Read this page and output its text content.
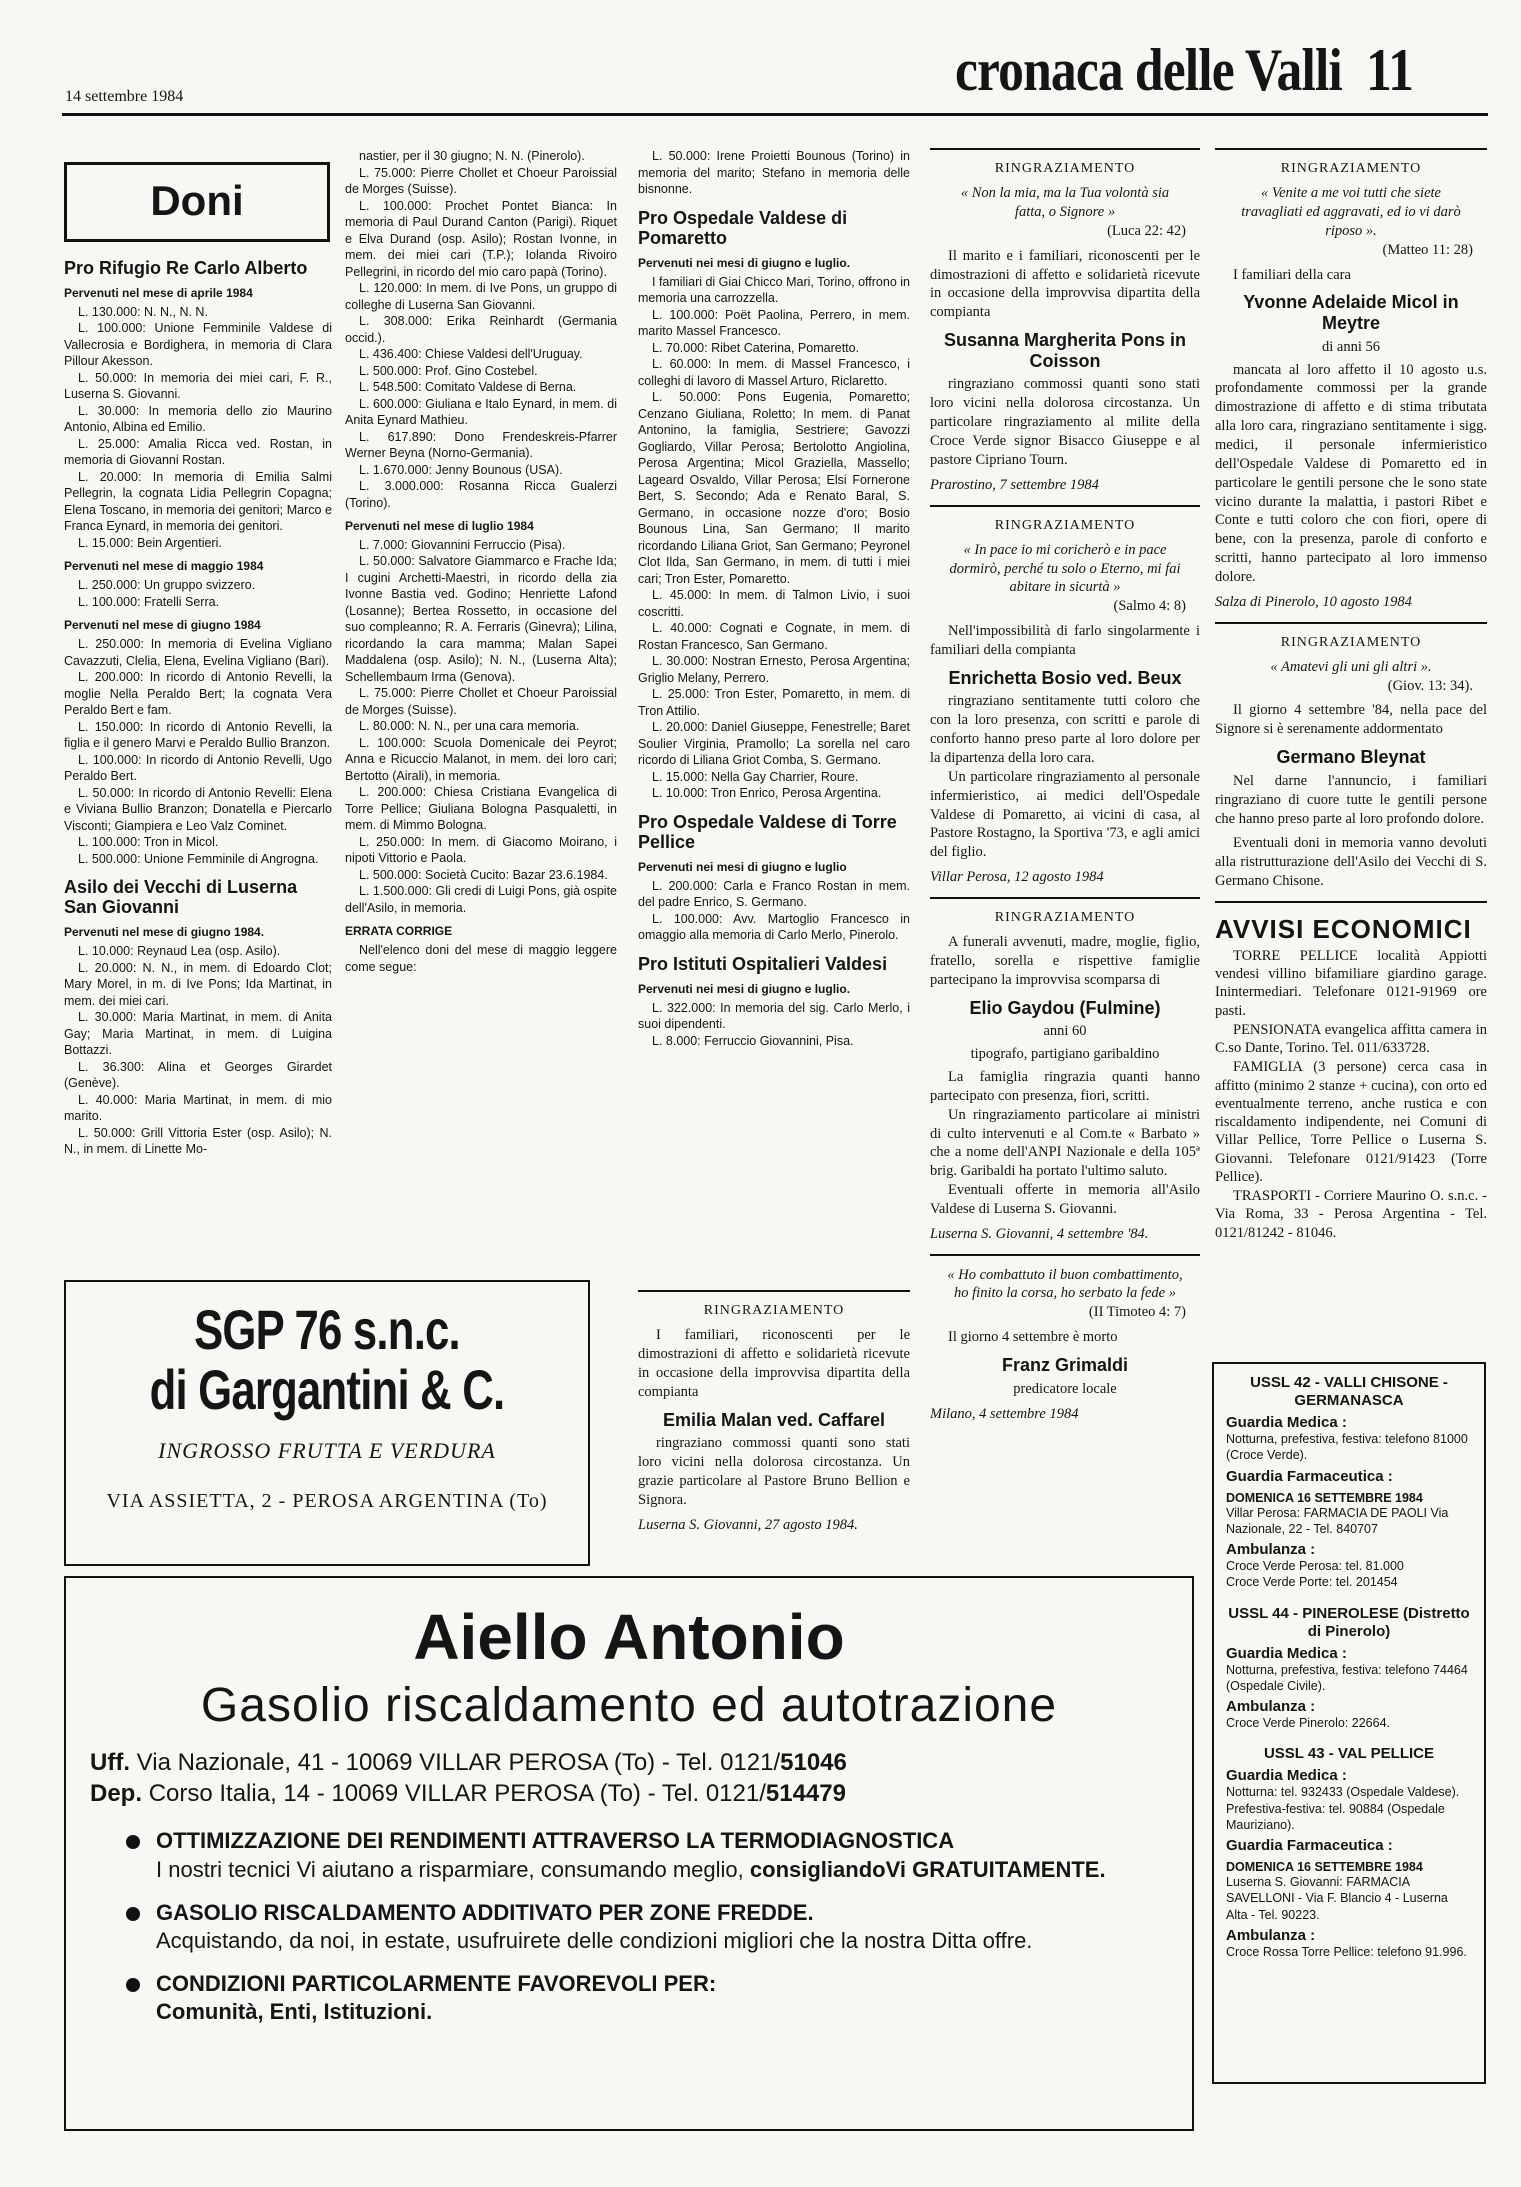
14 settembre 1984	cronaca delle Valli 11
Doni
Pro Rifugio Re Carlo Alberto
Pervenuti nel mese di aprile 1984

L. 130.000: N. N., N. N.

L. 100.000: Unione Femminile Valdese di Vallecrosia e Bordighera, in memoria di Clara Pillour Akesson.

L. 50.000: In memoria dei miei cari, F. R., Luserna S. Giovanni.

L. 30.000: In memoria dello zio Maurino Antonio, Albina ed Emilio.

L. 25.000: Amalia Ricca ved. Rostan, in memoria di Giovanni Rostan.

L. 20.000: In memoria di Emilia Salmi Pellegrin, la cognata Lidia Pellegrin Copagna; Elena Toscano, in memoria dei genitori; Marco e Franca Eynard, in memoria dei genitori.

L. 15.000: Bein Argentieri.

Pervenuti nel mese di maggio 1984

L. 250.000: Un gruppo svizzero.

L. 100.000: Fratelli Serra.

Pervenuti nel mese di giugno 1984

L. 250.000: In memoria di Evelina Vigliano Cavazzuti, Clelia, Elena, Evelina Vigliano (Bari).

L. 200.000: In ricordo di Antonio Revelli, la moglie Nella Peraldo Bert; la cognata Vera Peraldo Bert e fam.

L. 150.000: In ricordo di Antonio Revelli, la figlia e il genero Marvi e Peraldo Bullio Branzon.

L. 100.000: In ricordo di Antonio Revelli, Ugo Peraldo Bert.

L. 50.000: In ricordo di Antonio Revelli: Elena e Viviana Bullio Branzon; Donatella e Piercarlo Visconti; Giampiera e Leo Valz Cominet.

L. 100.000: Tron in Micol.

L. 500.000: Unione Femminile di Angrogna.

Asilo dei Vecchi di Luserna San Giovanni
Pervenuti nel mese di giugno 1984.

L. 10.000: Reynaud Lea (osp. Asilo).

L. 20.000: N. N., in mem. di Edoardo Clot; Mary Morel, in m. di Ive Pons; Ida Martinat, in mem. dei miei cari.

L. 30.000: Maria Martinat, in mem. di Anita Gay; Maria Martinat, in mem. di Luigina Bottazzi.

L. 36.300: Alina et Georges Girardet (Genève).

L. 40.000: Maria Martinat, in mem. di mio marito.

L. 50.000: Grill Vittoria Ester (osp. Asilo); N. N., in mem. di Linette Mo-

nastier, per il 30 giugno; N. N. (Pinerolo).

L. 75.000: Pierre Chollet et Choeur Paroissial de Morges (Suisse).

L. 100.000: Prochet Pontet Bianca: In memoria di Paul Durand Canton (Parigi). Riquet e Elva Durand (osp. Asilo); Rostan Ivonne, in mem. dei miei cari (T.P.); Iolanda Rivoiro Pellegrini, in ricordo del mio caro papà (Torino).

L. 120.000: In mem. di Ive Pons, un gruppo di colleghe di Luserna San Giovanni.

L. 308.000: Erika Reinhardt (Germania occid.).

L. 436.400: Chiese Valdesi dell'Uruguay.

L. 500.000: Prof. Gino Costebel.

L. 548.500: Comitato Valdese di Berna.

L. 600.000: Giuliana e Italo Eynard, in mem. di Anita Eynard Mathieu.

L. 617.890: Dono Frendeskreis-Pfarrer Werner Beyna (Norno-Germania).

L. 1.670.000: Jenny Bounous (USA).

L. 3.000.000: Rosanna Ricca Gualerzi (Torino).

Pervenuti nel mese di luglio 1984

L. 7.000: Giovannini Ferruccio (Pisa).

L. 50.000: Salvatore Giammarco e Frache Ida; I cugini Archetti-Maestri, in ricordo della zia Ivonne Bastia ved. Godino; Henriette Lafond (Losanne); Bertea Rossetto, in occasione del suo compleanno; R. A. Ferraris (Ginevra); Lilina, ricordando la cara mamma; Malan Sapei Maddalena (osp. Asilo); N. N., (Luserna Alta); Schellembaum Irma (Genova).

L. 75.000: Pierre Chollet et Choeur Paroissial de Morges (Suisse).

L. 80.000: N. N., per una cara memoria.

L. 100.000: Scuola Domenicale dei Peyrot; Anna e Ricuccio Malanot, in mem. dei loro cari; Bertotto (Airali), in memoria.

L. 200.000: Chiesa Cristiana Evangelica di Torre Pellice; Giuliana Bologna Pasqualetti, in mem. di Mimmo Bologna.

L. 250.000: In mem. di Giacomo Moirano, i nipoti Vittorio e Paola.

L. 500.000: Società Cucito: Bazar 23.6.1984.

L. 1.500.000: Gli credi di Luigi Pons, già ospite dell'Asilo, in memoria.

ERRATA CORRIGE

Nell'elenco doni del mese di maggio leggere come segue:

L. 50.000: Irene Proietti Bounous (Torino) in memoria del marito; Stefano in memoria delle bisnonne.

Pro Ospedale Valdese di Pomaretto
Pervenuti nei mesi di giugno e luglio.

I familiari di Giai Chicco Mari, Torino, offrono in memoria una carrozzella.

L. 100.000: Poët Paolina, Perrero, in mem. marito Massel Francesco.

L. 70.000: Ribet Caterina, Pomaretto.

L. 60.000: In mem. di Massel Francesco, i colleghi di lavoro di Massel Arturo, Riclaretto.

L. 50.000: Pons Eugenia, Pomaretto; Cenzano Giuliana, Roletto; In mem. di Panat Antonino, la famiglia, Sestriere; Gavozzi Gogliardo, Villar Perosa; Bertolotto Angiolina, Perosa Argentina; Micol Graziella, Massello; Lageard Osvaldo, Villar Perosa; Elsi Fornerone Bert, S. Secondo; Ada e Renato Baral, S. Germano, in occasione nozze d'oro; Bosio Bounous Lina, San Germano; Il marito ricordando Liliana Griot, San Germano; Peyronel Clot Ilda, San Germano, in mem. di tutti i miei cari; Tron Ester, Pomaretto.

L. 45.000: In mem. di Talmon Livio, i suoi coscritti.

L. 40.000: Cognati e Cognate, in mem. di Rostan Francesco, San Germano.

L. 30.000: Nostran Ernesto, Perosa Argentina; Griglio Melany, Perrero.

L. 25.000: Tron Ester, Pomaretto, in mem. di Tron Attilio.

L. 20.000: Daniel Giuseppe, Fenestrelle; Baret Soulier Virginia, Pramollo; La sorella nel caro ricordo di Liliana Griot Comba, S. Germano.

L. 15.000: Nella Gay Charrier, Roure.

L. 10.000: Tron Enrico, Perosa Argentina.

Pro Ospedale Valdese di Torre Pellice
Pervenuti nei mesi di giugno e luglio

L. 200.000: Carla e Franco Rostan in mem. del padre Enrico, S. Germano.

L. 100.000: Avv. Martoglio Francesco in omaggio alla memoria di Carlo Merlo, Pinerolo.

Pro Istituti Ospitalieri Valdesi
Pervenuti nei mesi di giugno e luglio.

L. 322.000: In memoria del sig. Carlo Merlo, i suoi dipendenti.

L. 8.000: Ferruccio Giovannini, Pisa.

RINGRAZIAMENTO
« Non la mia, ma la Tua volontà sia fatta, o Signore »
(Luca 22: 42)

Il marito e i familiari, riconoscenti per le dimostrazioni di affetto e solidarietà ricevute in occasione della improvvisa dipartita della compianta

Susanna Margherita Pons in Coisson

ringraziano commossi quanti sono stati loro vicini nella dolorosa circostanza. Un particolare ringraziamento al milite della Croce Verde signor Bisacco Giuseppe e al pastore Cipriano Tourn.

Prarostino, 7 settembre 1984
RINGRAZIAMENTO
« In pace io mi coricherò e in pace dormirò, perché tu solo o Eterno, mi fai abitare in sicurtà »
(Salmo 4: 8)

Nell'impossibilità di farlo singolarmente i familiari della compianta

Enrichetta Bosio ved. Beux

ringraziano sentitamente tutti coloro che con la loro presenza, con scritti e parole di conforto hanno preso parte al loro dolore per la dipartenza della loro cara.

Un particolare ringraziamento al personale infermieristico, ai medici dell'Ospedale Valdese di Pomaretto, ai vicini di casa, al Pastore Rostagno, la Sportiva '73, e agli amici del figlio.

Villar Perosa, 12 agosto 1984
RINGRAZIAMENTO

A funerali avvenuti, madre, moglie, figlio, fratello, sorella e rispettive famiglie partecipano la improvvisa scomparsa di

Elio Gaydou (Fulmine)
anni 60
tipografo, partigiano garibaldino

La famiglia ringrazia quanti hanno partecipato con presenza, fiori, scritti.

Un ringraziamento particolare ai ministri di culto intervenuti e al Com.te « Barbato » che a nome dell'ANPI Nazionale e della 105ª brig. Garibaldi ha portato l'ultimo saluto.

Eventuali offerte in memoria all'Asilo Valdese di Luserna S. Giovanni.

Luserna S. Giovanni, 4 settembre '84.
« Ho combattuto il buon combattimento, ho finito la corsa, ho serbato la fede »
(II Timoteo 4: 7)

Il giorno 4 settembre è morto

Franz Grimaldi
predicatore locale
Milano, 4 settembre 1984
RINGRAZIAMENTO

I familiari, riconoscenti per le dimostrazioni di affetto e solidarietà ricevute in occasione della improvvisa dipartita della compianta

Emilia Malan ved. Caffarel

ringraziano commossi quanti sono stati loro vicini nella dolorosa circostanza. Un grazie particolare al Pastore Bruno Bellion e Signora.

Luserna S. Giovanni, 27 agosto 1984.
RINGRAZIAMENTO
« Venite a me voi tutti che siete travagliati ed aggravati, ed io vi darò riposo ».
(Matteo 11: 28)

I familiari della cara

Yvonne Adelaide Micol in Meytre
di anni 56

mancata al loro affetto il 10 agosto u.s. profondamente commossi per la grande dimostrazione di affetto e di stima tributata alla loro cara, ringraziano sentitamente i sigg. medici, il personale infermieristico dell'Ospedale Valdese di Pomaretto ed in particolare le gentili persone che le sono state vicino durante la malattia, i pastori Ribet e Conte e tutti coloro che con fiori, opere di bene, con la presenza, parole di conforto e scritti, hanno partecipato al loro immenso dolore.

Salza di Pinerolo, 10 agosto 1984
RINGRAZIAMENTO
« Amatevi gli uni gli altri ».
(Giov. 13: 34).

Il giorno 4 settembre '84, nella pace del Signore si è serenamente addormentato

Germano Bleynat

Nel darne l'annuncio, i familiari ringraziano di cuore tutte le gentili persone che hanno preso parte al loro profondo dolore.

Eventuali doni in memoria vanno devoluti alla ristrutturazione dell'Asilo dei Vecchi di S. Germano Chisone.

AVVISI ECONOMICI

TORRE PELLICE località Appiotti vendesi villino bifamiliare giardino garage. Inintermediari. Telefonare 0121-91969 ore pasti.

PENSIONATA evangelica affitta camera in C.so Dante, Torino. Tel. 011/633728.

FAMIGLIA (3 persone) cerca casa in affitto (minimo 2 stanze + cucina), con orto ed eventualmente terreno, anche rustica e con riscaldamento indipendente, nei Comuni di Villar Pellice, Torre Pellice o Luserna S. Giovanni. Telefonare 0121/91423 (Torre Pellice).

TRASPORTI - Corriere Maurino O. s.n.c. - Via Roma, 33 - Perosa Argentina - Tel. 0121/81242 - 81046.

SGP 76 s.n.c.
di Gargantini & C.
INGROSSO FRUTTA E VERDURA
VIA ASSIETTA, 2 - PEROSA ARGENTINA (To)
Aiello Antonio
Gasolio riscaldamento ed autotrazione
Uff. Via Nazionale, 41 - 10069 VILLAR PEROSA (To) - Tel. 0121/51046
Dep. Corso Italia, 14 - 10069 VILLAR PEROSA (To) - Tel. 0121/514479
OTTIMIZZAZIONE DEI RENDIMENTI ATTRAVERSO LA TERMODIAGNOSTICA
I nostri tecnici Vi aiutano a risparmiare, consumando meglio, consigliandoVi GRATUITAMENTE.
GASOLIO RISCALDAMENTO ADDITIVATO PER ZONE FREDDE.
Acquistando, da noi, in estate, usufruirete delle condizioni migliori che la nostra Ditta offre.
CONDIZIONI PARTICOLARMENTE FAVOREVOLI PER:
Comunità, Enti, Istituzioni.
USSL 42 - VALLI CHISONE - GERMANASCA
Guardia Medica :
Notturna, prefestiva, festiva: telefono 81000 (Croce Verde).
Guardia Farmaceutica :
DOMENICA 16 SETTEMBRE 1984
Villar Perosa: FARMACIA DE PAOLI Via Nazionale, 22 - Tel. 840707
Ambulanza :
Croce Verde Perosa: tel. 81.000
Croce Verde Porte: tel. 201454
USSL 44 - PINEROLESE (Distretto di Pinerolo)
Guardia Medica :
Notturna, prefestiva, festiva: telefono 74464 (Ospedale Civile).
Ambulanza :
Croce Verde Pinerolo: 22664.
USSL 43 - VAL PELLICE
Guardia Medica :
Notturna: tel. 932433 (Ospedale Valdese). Prefestiva-festiva: tel. 90884 (Ospedale Mauriziano).
Guardia Farmaceutica :
DOMENICA 16 SETTEMBRE 1984
Luserna S. Giovanni: FARMACIA SAVELLONI - Via F. Blancio 4 - Luserna Alta - Tel. 90223.
Ambulanza :
Croce Rossa Torre Pellice: telefono 91.996.
